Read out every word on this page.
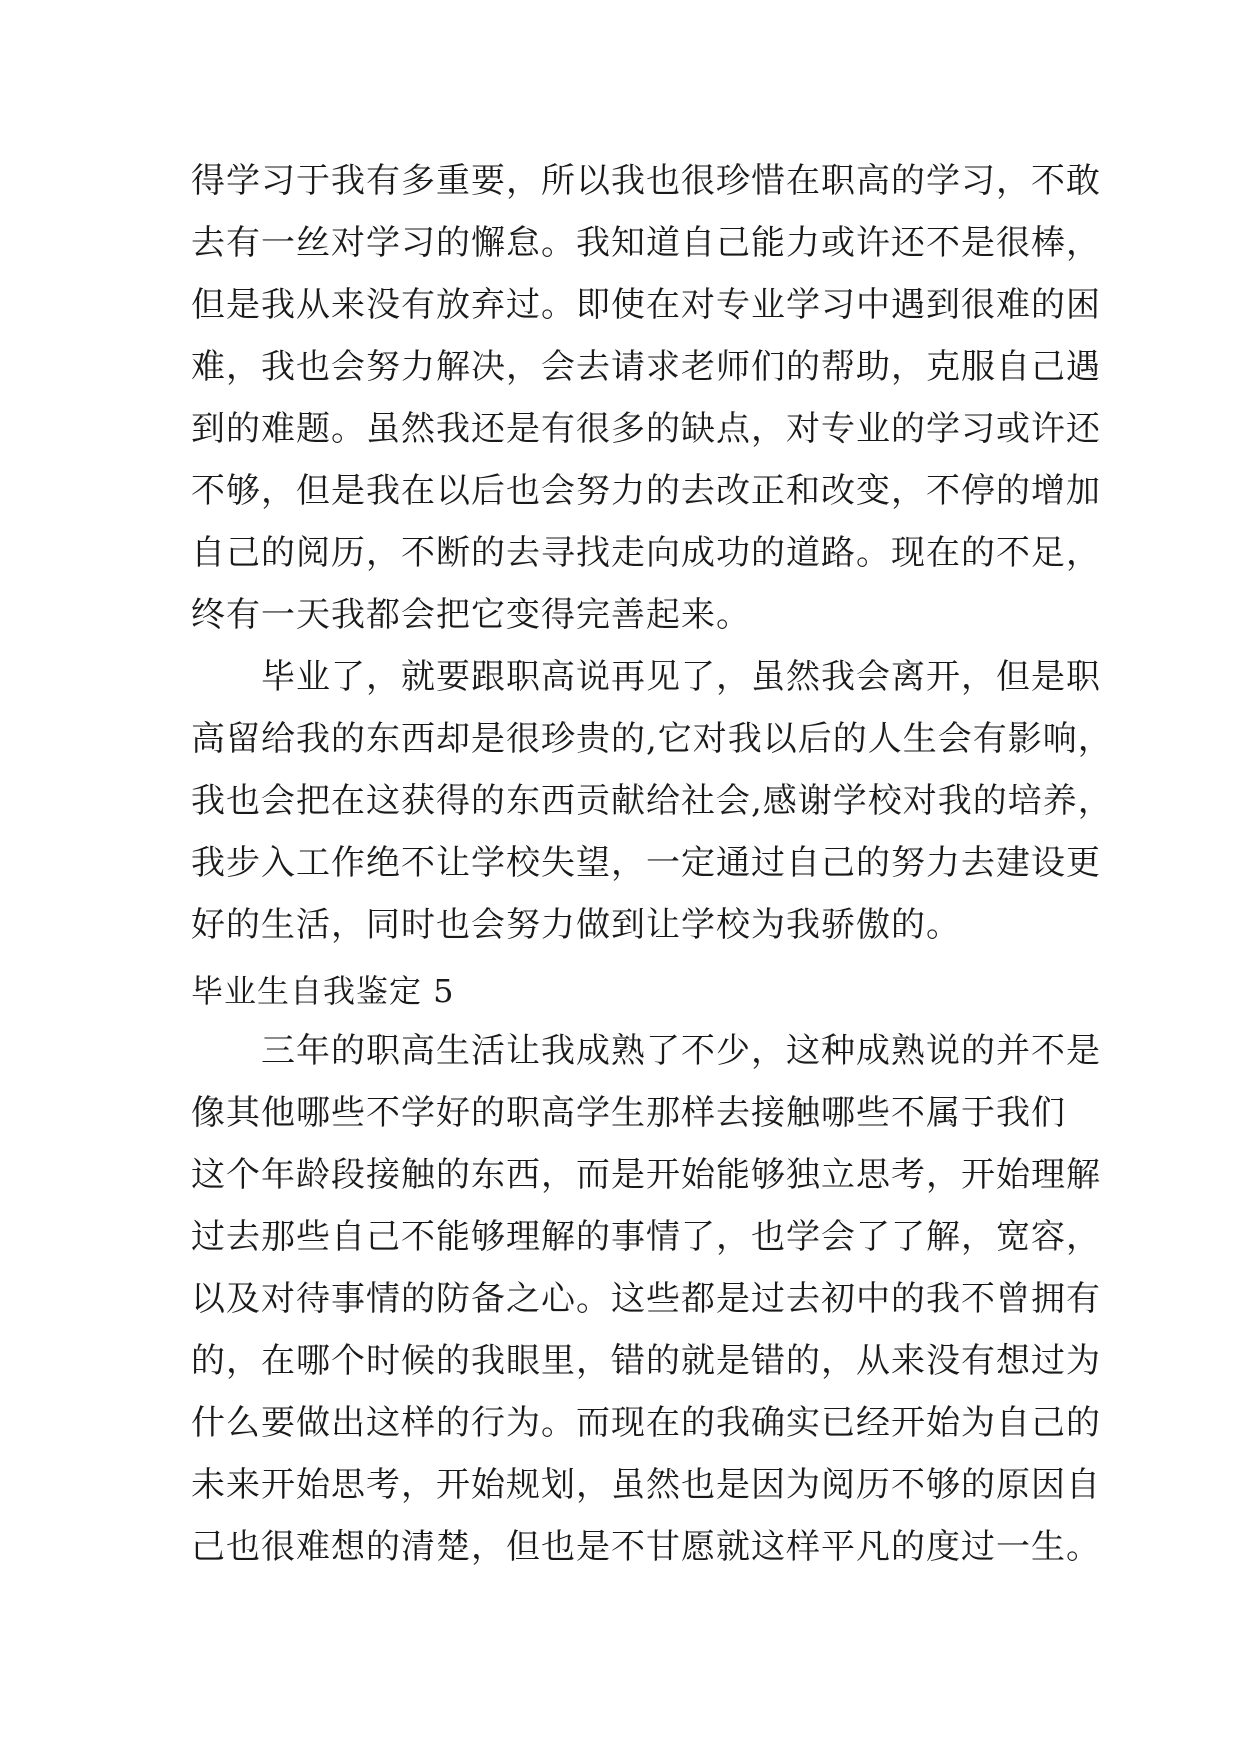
得学习于我有多重要，所以我也很珍惜在职高的学习，不敢
去有一丝对学习的懈怠。我知道自己能力或许还不是很棒，
但是我从来没有放弃过。即使在对专业学习中遇到很难的困
难，我也会努力解决，会去请求老师们的帮助，克服自己遇
到的难题。虽然我还是有很多的缺点，对专业的学习或许还
不够，但是我在以后也会努力的去改正和改变，不停的增加
自己的阅历，不断的去寻找走向成功的道路。现在的不足，
终有一天我都会把它变得完善起来。
　　毕业了，就要跟职高说再见了，虽然我会离开，但是职
高留给我的东西却是很珍贵的,它对我以后的人生会有影响，
我也会把在这获得的东西贡献给社会,感谢学校对我的培养，
我步入工作绝不让学校失望，一定通过自己的努力去建设更
好的生活，同时也会努力做到让学校为我骄傲的。
毕业生自我鉴定 5
　　三年的职高生活让我成熟了不少，这种成熟说的并不是
像其他哪些不学好的职高学生那样去接触哪些不属于我们
这个年龄段接触的东西，而是开始能够独立思考，开始理解
过去那些自己不能够理解的事情了，也学会了了解，宽容，
以及对待事情的防备之心。这些都是过去初中的我不曾拥有
的，在哪个时候的我眼里，错的就是错的，从来没有想过为
什么要做出这样的行为。而现在的我确实已经开始为自己的
未来开始思考，开始规划，虽然也是因为阅历不够的原因自
己也很难想的清楚，但也是不甘愿就这样平凡的度过一生。
